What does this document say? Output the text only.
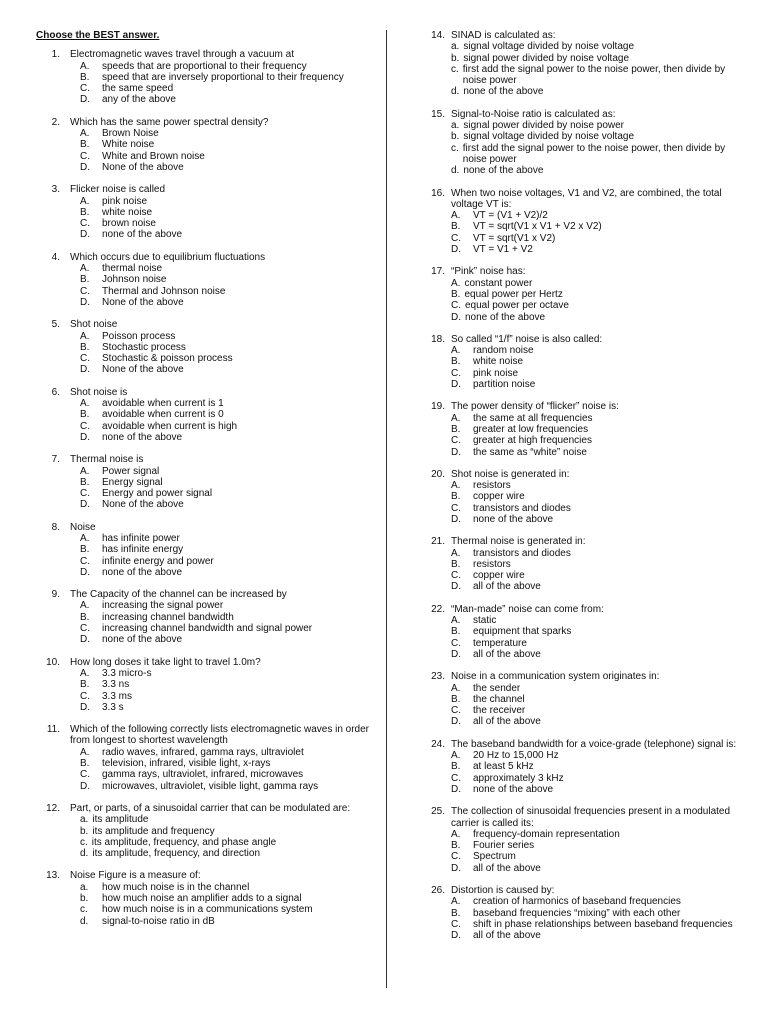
Choose the BEST answer.
1.	Electromagnetic waves travel through a vacuum at
A.	speeds that are proportional to their frequency
B.	speed that are inversely proportional to their frequency
C.	the same speed
D.	any of the above
2.	Which has the same power spectral density?
A.	Brown Noise
B.	White noise
C.	White and Brown noise
D.	None of the above
3.	Flicker noise is called
A.	pink noise
B.	white noise
C.	brown noise
D.	none of the above
4.	Which occurs due to equilibrium fluctuations
A.	thermal noise
B.	Johnson noise
C.	Thermal and Johnson noise
D.	None of the above
5.	Shot noise
A.	Poisson process
B.	Stochastic process
C.	Stochastic & poisson process
D.	None of the above
6.	Shot noise is
A.	avoidable when current is 1
B.	avoidable when current is 0
C.	avoidable when current is high
D.	none of the above
7.	Thermal noise is
A.	Power signal
B.	Energy signal
C.	Energy and power signal
D.	None of the above
8.	Noise
A.	has infinite power
B.	has infinite energy
C.	infinite energy and power
D.	none of the above
9.	The Capacity of the channel can be increased by
A.	increasing the signal power
B.	increasing channel bandwidth
C.	increasing channel bandwidth and signal power
D.	none of the above
10.	How long doses it take light to travel 1.0m?
A.	3.3 micro-s
B.	3.3 ns
C.	3.3 ms
D.	3.3 s
11.	Which of the following correctly lists electromagnetic waves in order from longest to shortest wavelength
A.	radio waves, infrared, gamma rays, ultraviolet
B.	television, infrared, visible light, x-rays
C.	gamma rays, ultraviolet, infrared, microwaves
D.	microwaves, ultraviolet, visible light, gamma rays
12.	Part, or parts, of a sinusoidal carrier that can be modulated are:
a. its amplitude
b. its amplitude and frequency
c. its amplitude, frequency, and phase angle
d. its amplitude, frequency, and direction
13.	Noise Figure is a measure of:
a.	how much noise is in the channel
b.	how much noise an amplifier adds to a signal
c.	how much noise is in a communications system
d.	signal-to-noise ratio in dB
14. SINAD is calculated as:
a. signal voltage divided by noise voltage
b. signal power divided by noise voltage
c. first add the signal power to the noise power, then divide by noise power
d. none of the above
15. Signal-to-Noise ratio is calculated as:
a. signal power divided by noise power
b. signal voltage divided by noise voltage
c. first add the signal power to the noise power, then divide by noise power
d. none of the above
16. When two noise voltages, V1 and V2, are combined, the total voltage VT is:
A.	VT = (V1 + V2)/2
B.	VT = sqrt(V1 x V1 + V2 x V2)
C.	VT = sqrt(V1 x V2)
D.	VT = V1 + V2
17. “Pink” noise has:
A. constant power
B. equal power per Hertz
C. equal power per octave
D. none of the above
18. So called “1/f” noise is also called:
A.	random noise
B.	white noise
C.	pink noise
D.	partition noise
19. The power density of “flicker” noise is:
A.	the same at all frequencies
B.	greater at low frequencies
C.	greater at high frequencies
D.	the same as “white” noise
20. Shot noise is generated in:
A.	resistors
B.	copper wire
C.	transistors and diodes
D.	none of the above
21. Thermal noise is generated in:
A.	transistors and diodes
B.	resistors
C.	copper wire
D.	all of the above
22. “Man-made” noise can come from:
A.	static
B.	equipment that sparks
C.	temperature
D.	all of the above
23. Noise in a communication system originates in:
A.	the sender
B.	the channel
C.	the receiver
D.	all of the above
24. The baseband bandwidth for a voice-grade (telephone) signal is:
A.	20 Hz to 15,000 Hz
B.	at least 5 kHz
C.	approximately 3 kHz
D.	none of the above
25. The collection of sinusoidal frequencies present in a modulated carrier is called its:
A.	frequency-domain representation
B.	Fourier series
C.	Spectrum
D.	all of the above
26. Distortion is caused by:
A.	creation of harmonics of baseband frequencies
B.	baseband frequencies “mixing” with each other
C.	shift in phase relationships between baseband frequencies
D.	all of the above
